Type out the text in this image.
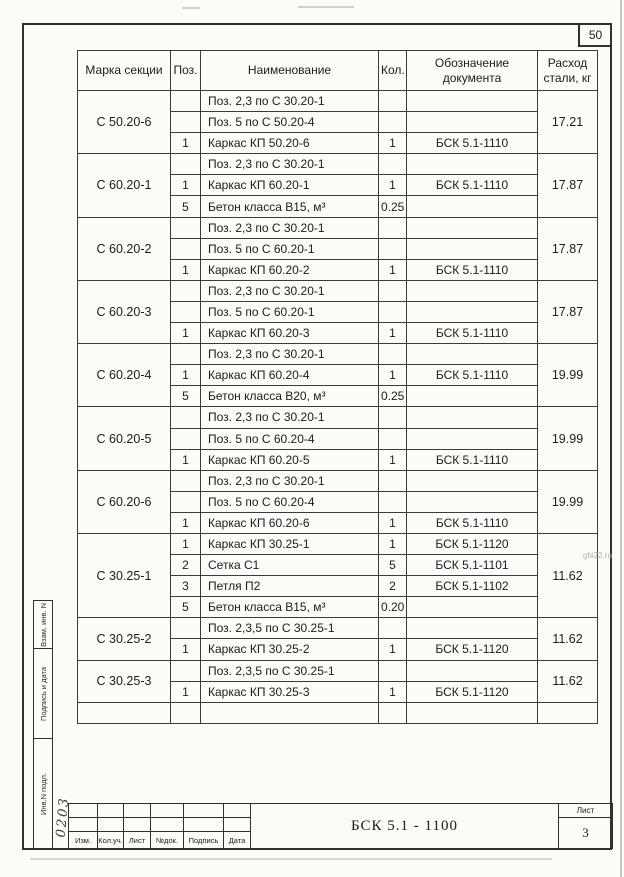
50
Марка секции	Поз.	Наименование	Кол.	Обозначение документа	Расход стали, кг
С 50.20-6		Поз. 2,3 по С 30.20-1			17.21
		Поз. 5 по С 50.20-4			
	1	Каркас КП 50.20-6	1	БСК 5.1-1110	
С 60.20-1		Поз. 2,3 по С 30.20-1			17.87
	1	Каркас КП 60.20-1	1	БСК 5.1-1110	
	5	Бетон класса В15, м³	0.25		
С 60.20-2		Поз. 2,3 по С 30.20-1			17.87
		Поз. 5 по С 60.20-1			
	1	Каркас КП 60.20-2	1	БСК 5.1-1110	
С 60.20-3		Поз. 2,3 по С 30.20-1			17.87
		Поз. 5 по С 60.20-1			
	1	Каркас КП 60.20-3	1	БСК 5.1-1110	
С 60.20-4		Поз. 2,3 по С 30.20-1			19.99
	1	Каркас КП 60.20-4	1	БСК 5.1-1110	
	5	Бетон класса В20, м³	0.25		
С 60.20-5		Поз. 2,3 по С 30.20-1			19.99
		Поз. 5 по С 60.20-4			
	1	Каркас КП 60.20-5	1	БСК 5.1-1110	
С 60.20-6		Поз. 2,3 по С 30.20-1			19.99
		Поз. 5 по С 60.20-4			
	1	Каркас КП 60.20-6	1	БСК 5.1-1110	
С 30.25-1	1	Каркас КП 30.25-1	1	БСК 5.1-1120	11.62
	2	Сетка С1	5	БСК 5.1-1101	
	3	Петля П2	2	БСК 5.1-1102	
	5	Бетон класса В15, м³	0.20		
С 30.25-2		Поз. 2,3,5 по С 30.25-1			11.62
	1	Каркас КП 30.25-2	1	БСК 5.1-1120	
С 30.25-3		Поз. 2,3,5 по С 30.25-1			11.62
	1	Каркас КП 30.25-3	1	БСК 5.1-1120	

Взам. инв. N
Подпись и дата
Инв.N подл.
0203
gbi22.ru
						БСК 5.1 - 1100	Лист
							3
Изм.	Кол.уч.	Лист	№док.	Подпись	Дата		
